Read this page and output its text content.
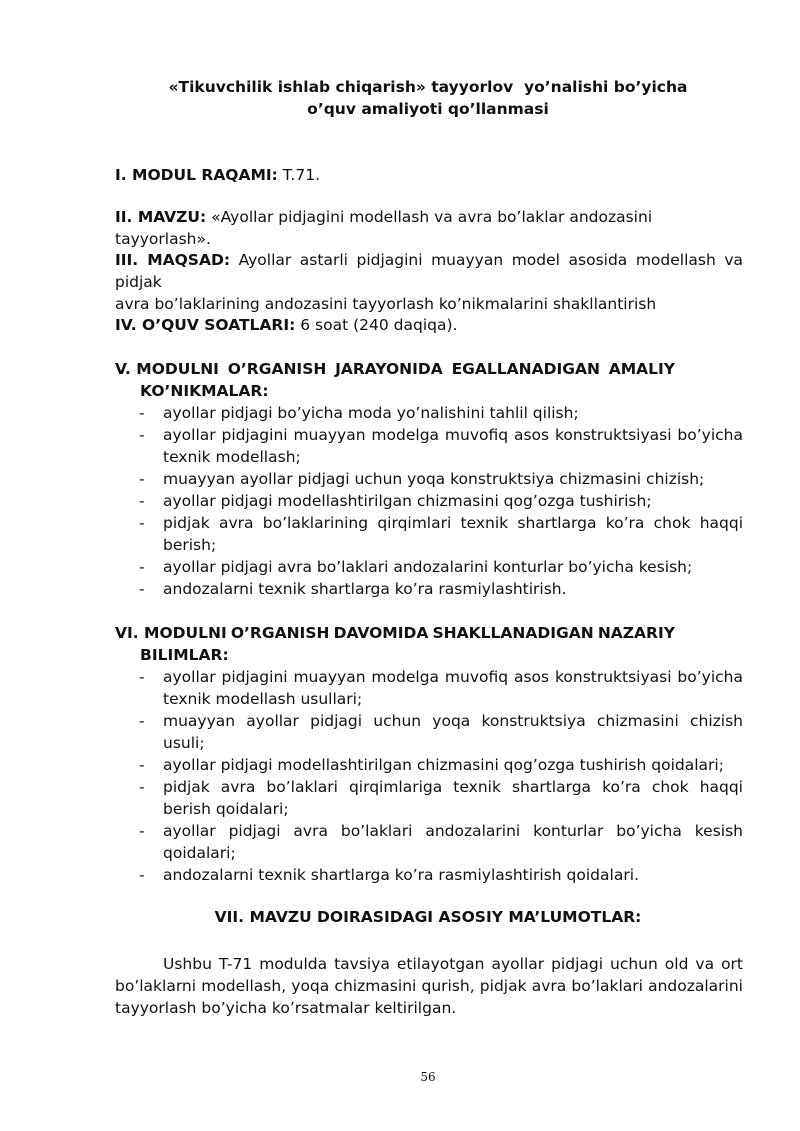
«Tikuvchilik ishlab chiqarish» tayyorlov  yo’nalishi bo’yicha
o’quv amaliyoti qo’llanmasi
I. MODUL RAQAMI: T.71.
II. MAVZU: «Ayollar pidjagini modellash va avra bo’laklar andozasini tayyorlash».
III. MAQSAD: Ayollar astarli pidjagini muayyan model asosida modellash va pidjak
avra bo’laklarining andozasini tayyorlash ko’nikmalarini shakllantirish
IV. O’QUV SOATLARI: 6 soat (240 daqiqa).
V. MODULNI O’RGANISH JARAYONIDA EGALLANADIGAN AMALIY
KO’NIKMALAR:
- ayollar pidjagi bo’yicha moda yo’nalishini tahlil qilish;
- ayollar pidjagini muayyan modelga muvofiq asos konstruktsiyasi bo’yicha texnik modellash;
- muayyan ayollar pidjagi uchun yoqa konstruktsiya chizmasini chizish;
- ayollar pidjagi modellashtirilgan chizmasini qog’ozga tushirish;
- pidjak avra bo’laklarining qirqimlari texnik shartlarga ko’ra chok haqqi berish;
- ayollar pidjagi avra bo’laklari andozalarini konturlar bo’yicha kesish;
- andozalarni texnik shartlarga ko’ra rasmiylashtirish.
VI. MODULNI O’RGANISH DAVOMIDA SHAKLLANADIGAN NAZARIY
BILIMLAR:
- ayollar pidjagini muayyan modelga muvofiq asos konstruktsiyasi bo’yicha texnik modellash usullari;
- muayyan ayollar pidjagi uchun yoqa konstruktsiya chizmasini chizish usuli;
- ayollar pidjagi modellashtirilgan chizmasini qog’ozga tushirish qoidalari;
- pidjak avra bo’laklari qirqimlariga texnik shartlarga ko’ra chok haqqi berish qoidalari;
- ayollar pidjagi avra bo’laklari andozalarini konturlar bo’yicha kesish qoidalari;
- andozalarni texnik shartlarga ko’ra rasmiylashtirish qoidalari.
VII. MAVZU DOIRASIDAGI ASOSIY MA’LUMOTLAR:
Ushbu T-71 modulda tavsiya etilayotgan ayollar pidjagi uchun old va ort bo’laklarni modellash, yoqa chizmasini qurish, pidjak avra bo’laklari andozalarini tayyorlash bo’yicha ko’rsatmalar keltirilgan.
56
